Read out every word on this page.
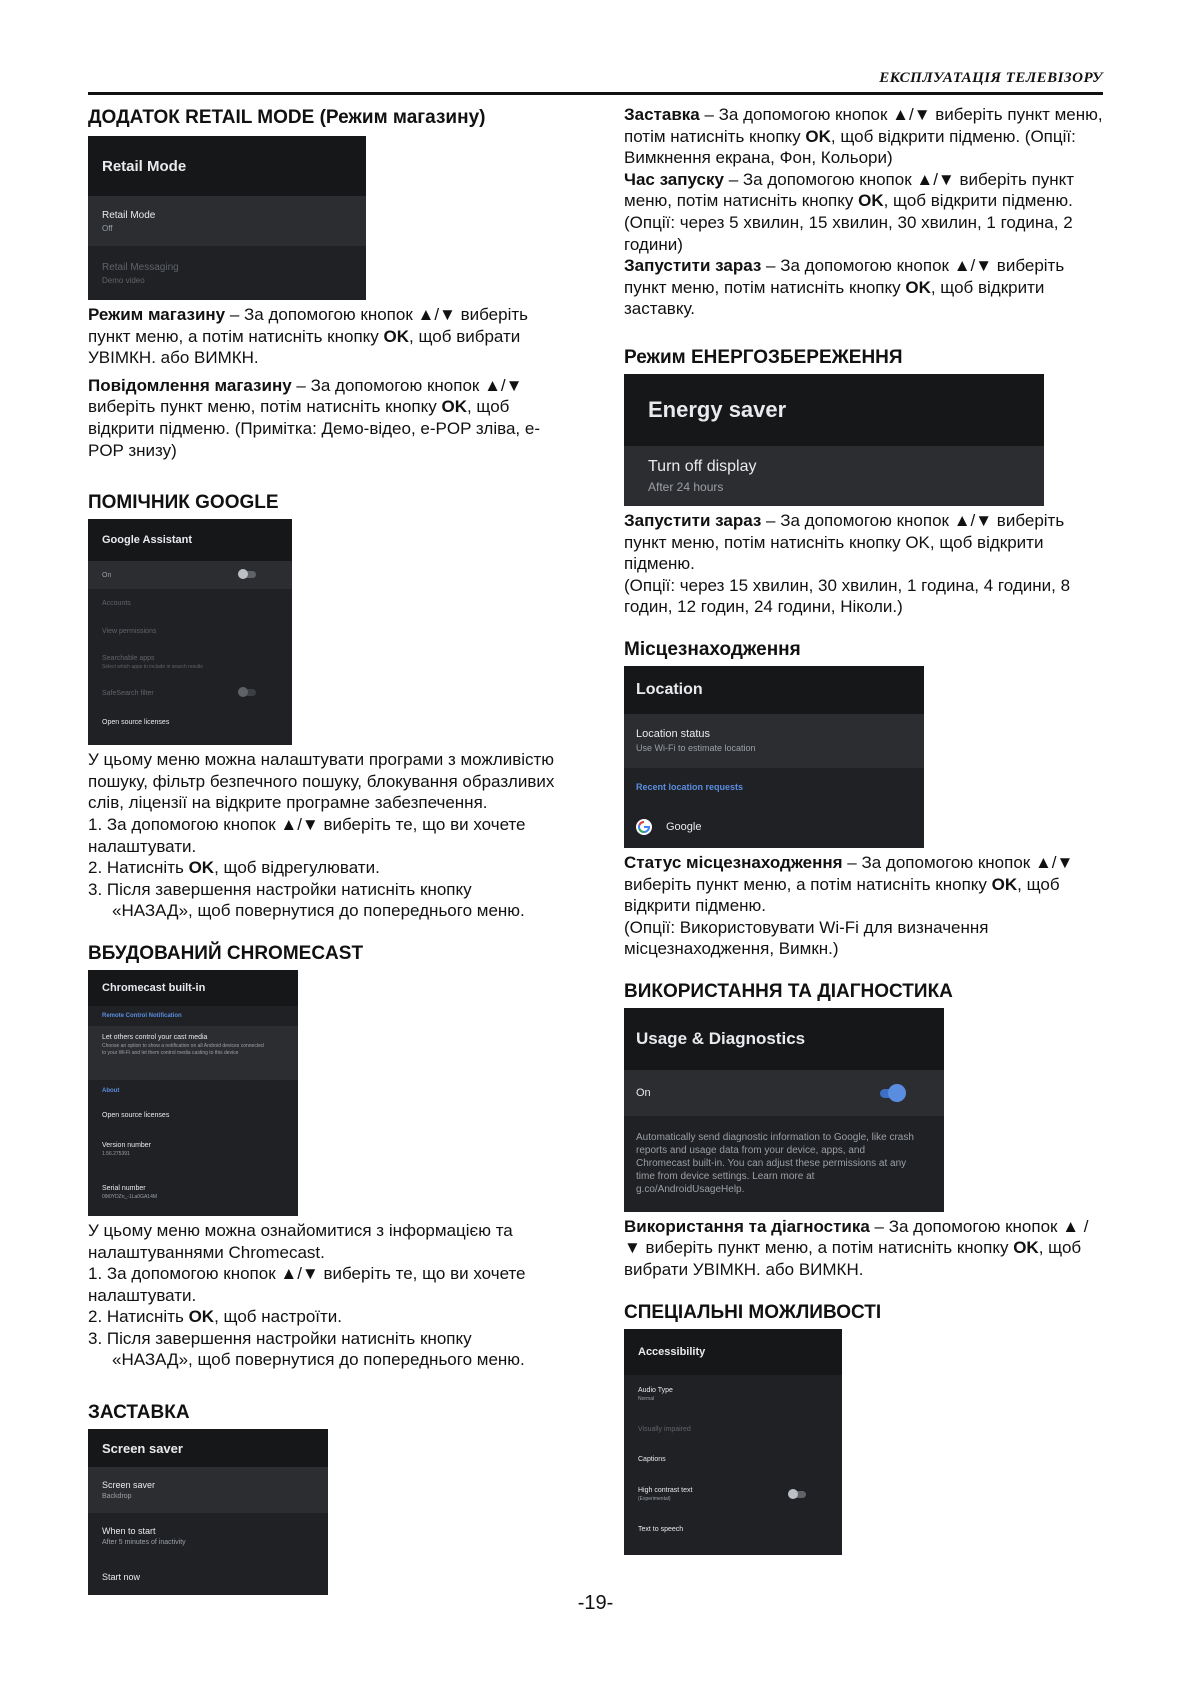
ЕКСПЛУАТАЦІЯ ТЕЛЕВІЗОРУ
ДОДАТОК RETAIL MODE (Режим магазину)
Retail Mode
Retail Mode
Off
Retail Messaging
Demo video

Режим магазину – За допомогою кнопок ▲/▼ виберіть пункт меню, а потім натисніть кнопку OK, щоб вибрати УВІМКН. або ВИМКН.

Повідомлення магазину – За допомогою кнопок ▲/▼ виберіть пункт меню, потім натисніть кнопку OK, щоб відкрити підменю. (Примітка: Демо-відео, e-POP зліва, e-POP знизу)

ПОМІЧНИК GOOGLE
Google Assistant
On
Accounts
View permissions
Searchable apps
Select which apps to include in search results
SafeSearch filter
Open source licenses

У цьому меню можна налаштувати програми з можливістю пошуку, фільтр безпечного пошуку, блокування образливих слів, ліцензії на відкрите програмне забезпечення.

1. За допомогою кнопок ▲/▼ виберіть те, що ви хочете налаштувати.

2. Натисніть OK, щоб відрегулювати.

3. Після завершення настройки натисніть кнопку

«НАЗАД», щоб повернутися до попереднього меню.

ВБУДОВАНИЙ CHROMECAST
Chromecast built-in
Remote Control Notification
Let others control your cast media
Choose an option to show a notification on all Android devices connected to your Wi-Fi and let them control media casting to this device
About
Open source licenses
Version number
1.56.275391
Serial number
09t0YDZn_-1La0GA14M

У цьому меню можна ознайомитися з інформацією та налаштуваннями Chromecast.

1. За допомогою кнопок ▲/▼ виберіть те, що ви хочете налаштувати.

2. Натисніть OK, щоб настроїти.

3. Після завершення настройки натисніть кнопку

«НАЗАД», щоб повернутися до попереднього меню.

ЗАСТАВКА
Screen saver
Screen saver
Backdrop
When to start
After 5 minutes of inactivity
Start now

Заставка – За допомогою кнопок ▲/▼ виберіть пункт меню, потім натисніть кнопку OK, щоб відкрити підменю. (Опції: Вимкнення екрана, Фон, Кольори)

Час запуску – За допомогою кнопок ▲/▼ виберіть пункт меню, потім натисніть кнопку OK, щоб відкрити підменю. (Опції: через 5 хвилин, 15 хвилин, 30 хвилин, 1 година, 2 години)

Запустити зараз – За допомогою кнопок ▲/▼ виберіть пункт меню, потім натисніть кнопку OK, щоб відкрити заставку.

Режим ЕНЕРГОЗБЕРЕЖЕННЯ
Energy saver
Turn off display
After 24 hours

Запустити зараз – За допомогою кнопок ▲/▼ виберіть пункт меню, потім натисніть кнопку OK, щоб відкрити підменю.

(Опції: через 15 хвилин, 30 хвилин, 1 година, 4 години, 8 годин, 12 годин, 24 години, Ніколи.)

Місцезнаходження
Location
Location status
Use Wi-Fi to estimate location
Recent location requests
Google

Статус місцезнаходження – За допомогою кнопок ▲/▼ виберіть пункт меню, а потім натисніть кнопку OK, щоб відкрити підменю.

(Опції: Використовувати Wi-Fi для визначення місцезнаходження, Вимкн.)

ВИКОРИСТАННЯ ТА ДІАГНОСТИКА
Usage & Diagnostics
On
Automatically send diagnostic information to Google, like crash reports and usage data from your device, apps, and Chromecast built-in. You can adjust these permissions at any time from device settings. Learn more at g.co/AndroidUsageHelp.

Використання та діагностика – За допомогою кнопок ▲ / ▼ виберіть пункт меню, а потім натисніть кнопку OK, щоб вибрати УВІМКН. або ВИМКН.

СПЕЦІАЛЬНІ МОЖЛИВОСТІ
Accessibility
Audio Type
Normal
Visually impaired
Captions
High contrast text
(Experimental)
Text to speech
-19-
